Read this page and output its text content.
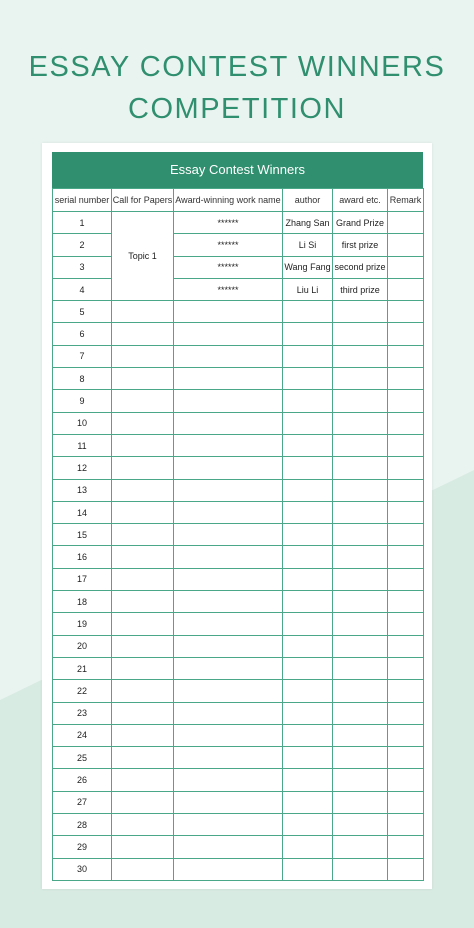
ESSAY CONTEST WINNERS
COMPETITION
Essay Contest Winners
serial number	Call for Papers	Award-winning work name	author	award etc.	Remark
1	Topic 1	******	Zhang San	Grand Prize	
2		******	Li Si	first prize	
3		******	Wang Fang	second prize	
4		******	Liu Li	third prize	
5					
6					
7					
8					
9					
10					
11					
12					
13					
14					
15					
16					
17					
18					
19					
20					
21					
22					
23					
24					
25					
26					
27					
28					
29					
30					
